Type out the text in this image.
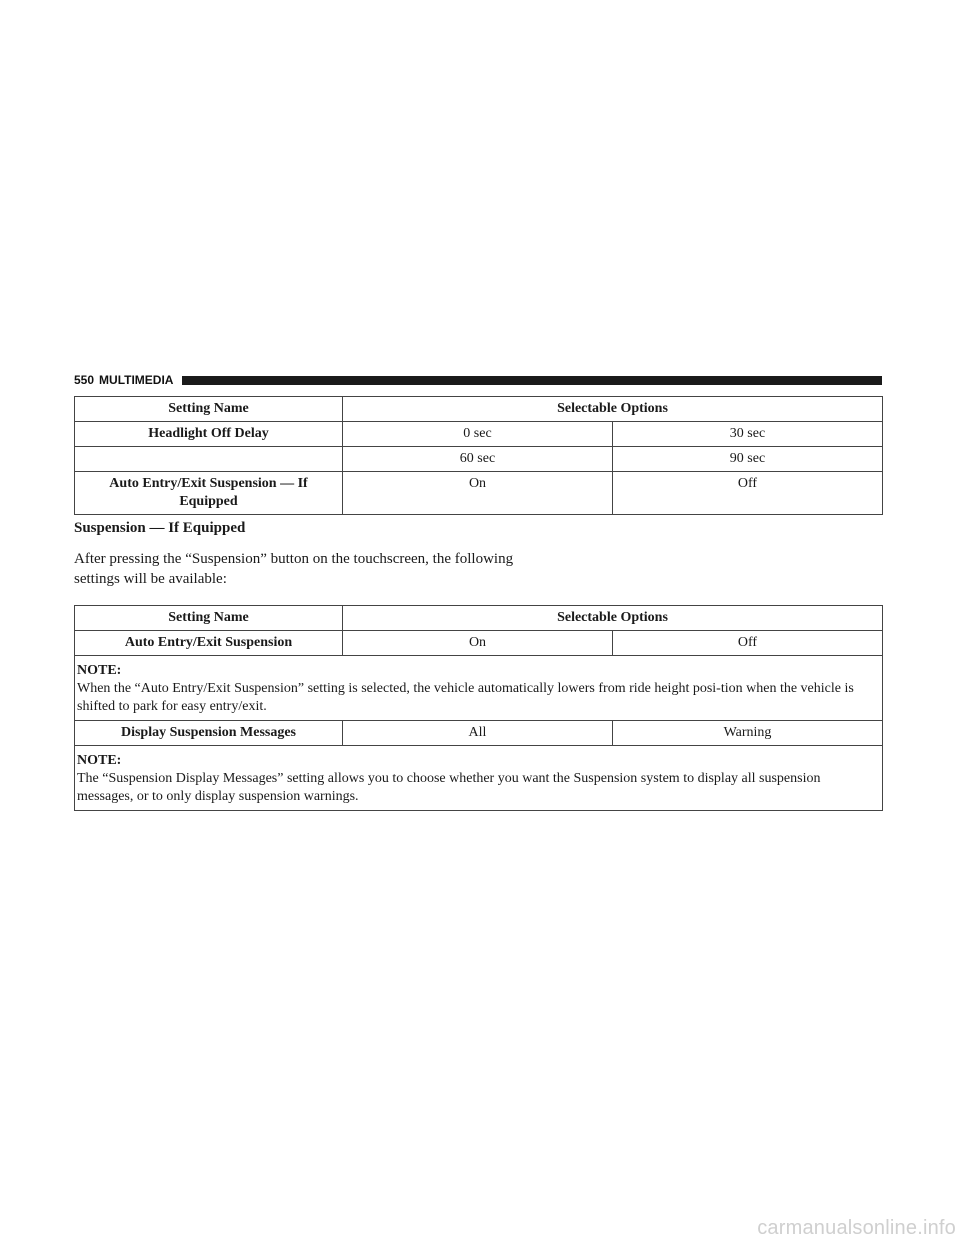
550 MULTIMEDIA
Setting Name	Selectable Options	
Headlight Off Delay	0 sec	30 sec
	60 sec	90 sec
Auto Entry/Exit Suspension — If Equipped	On	Off
Suspension — If Equipped

After pressing the “Suspension” button on the touchscreen, the following settings will be available:

Setting Name	Selectable Options	
Auto Entry/Exit Suspension	On	Off

NOTE:
When the “Auto Entry/Exit Suspension” setting is selected, the vehicle automatically lowers from ride height posi-tion when the vehicle is shifted to park for easy entry/exit.		
Display Suspension Messages	All	Warning

NOTE:
The “Suspension Display Messages” setting allows you to choose whether you want the Suspension system to display all suspension messages, or to only display suspension warnings.		
carmanualsonline.info
